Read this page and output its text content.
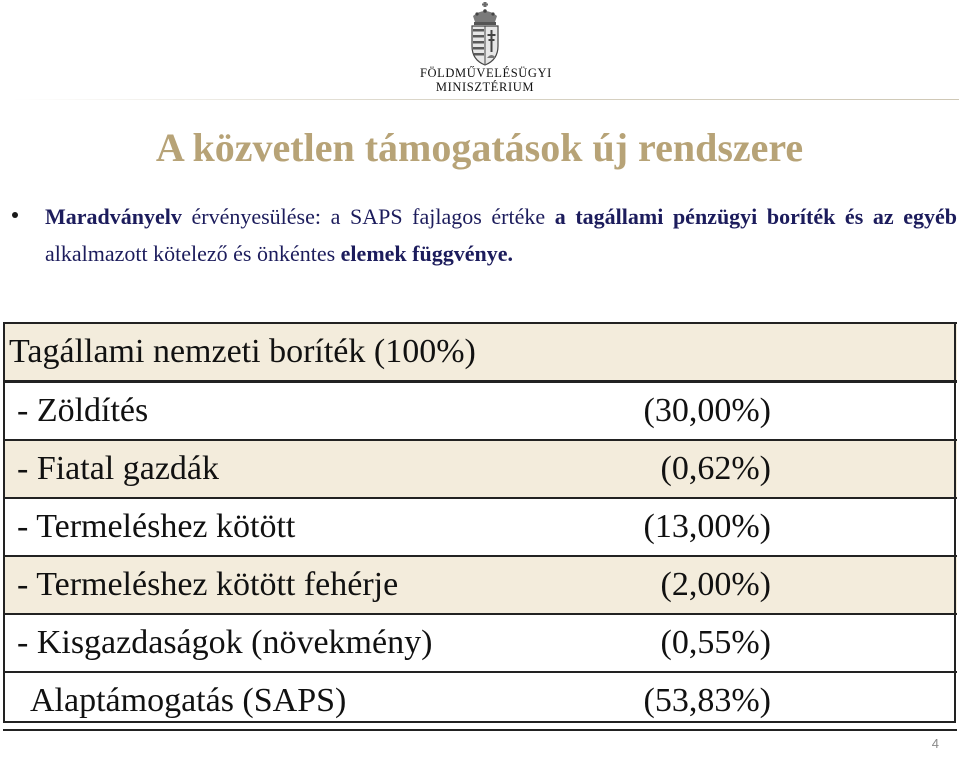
FÖLDMŰVELÉSÜGYI
MINISZTÉRIUM
A közvetlen támogatások új rendszere
Maradványelv érvényesülése: a SAPS fajlagos értéke a tagállami pénzügyi boríték és az egyéb alkalmazott kötelező és önkéntes elemek függvénye.
Tagállami nemzeti boríték (100%)	
- Zöldítés	(30,00%)
- Fiatal gazdák	(0,62%)
- Termeléshez kötött	(13,00%)
- Termeléshez kötött fehérje	(2,00%)
- Kisgazdaságok (növekmény)	(0,55%)
Alaptámogatás (SAPS)	(53,83%)
4
